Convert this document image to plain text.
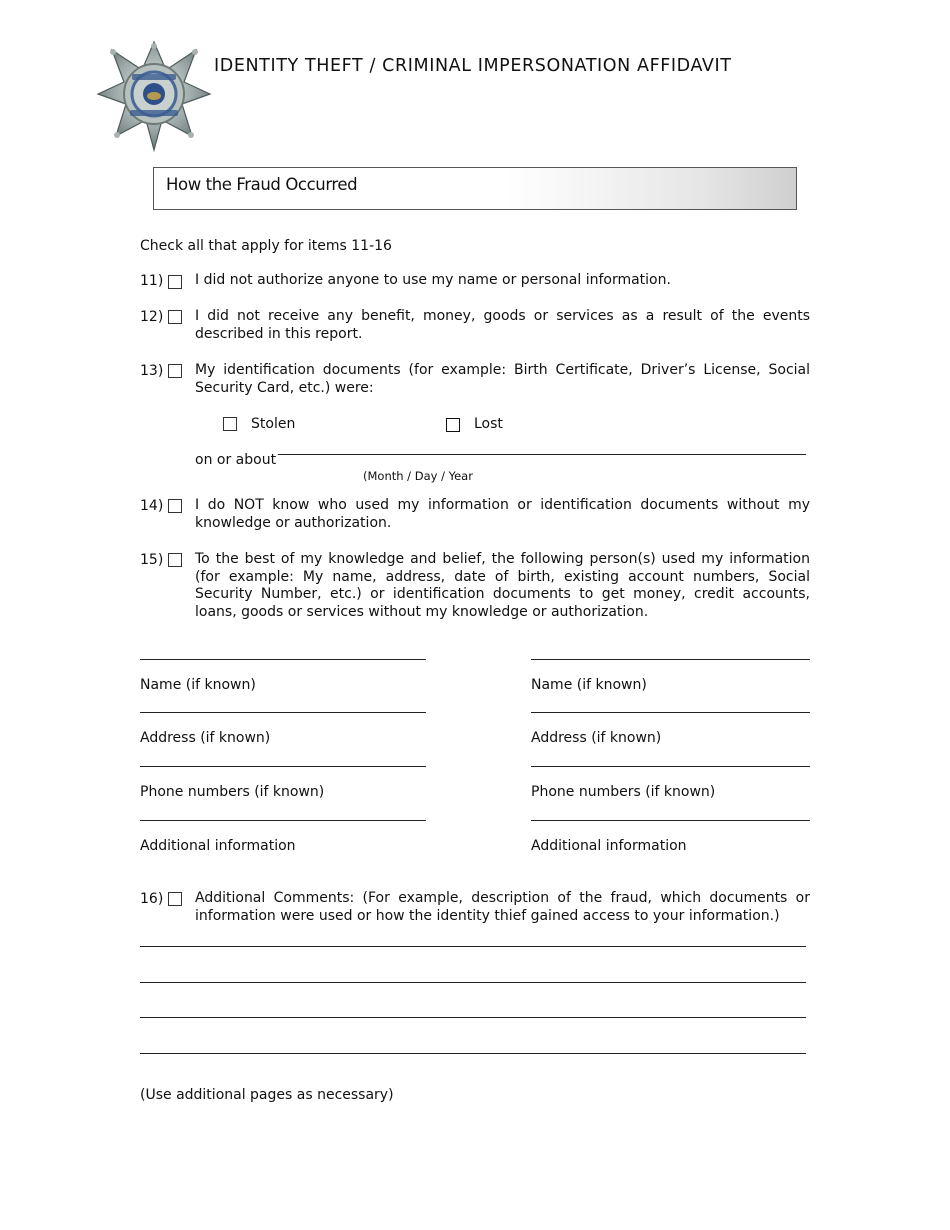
IDENTITY THEFT / CRIMINAL IMPERSONATION AFFIDAVIT
How the Fraud Occurred
Check all that apply for items 11-16
11) I did not authorize anyone to use my name or personal information.
12) I did not receive any benefit, money, goods or services as a result of the events described in this report.
13) My identification documents (for example: Birth Certificate, Driver’s License, Social Security Card, etc.) were:
Stolen	Lost
on or about
(Month / Day / Year
14) I do NOT know who used my information or identification documents without my knowledge or authorization.
15) To the best of my knowledge and belief, the following person(s) used my information (for example: My name, address, date of birth, existing account numbers, Social Security Number, etc.) or identification documents to get money, credit accounts, loans, goods or services without my knowledge or authorization.
Name (if known)
Address (if known)
Phone numbers (if known)
Additional information
Name (if known)
Address (if known)
Phone numbers (if known)
Additional information
16) Additional Comments: (For example, description of the fraud, which documents or information were used or how the identity thief gained access to your information.)
(Use additional pages as necessary)
